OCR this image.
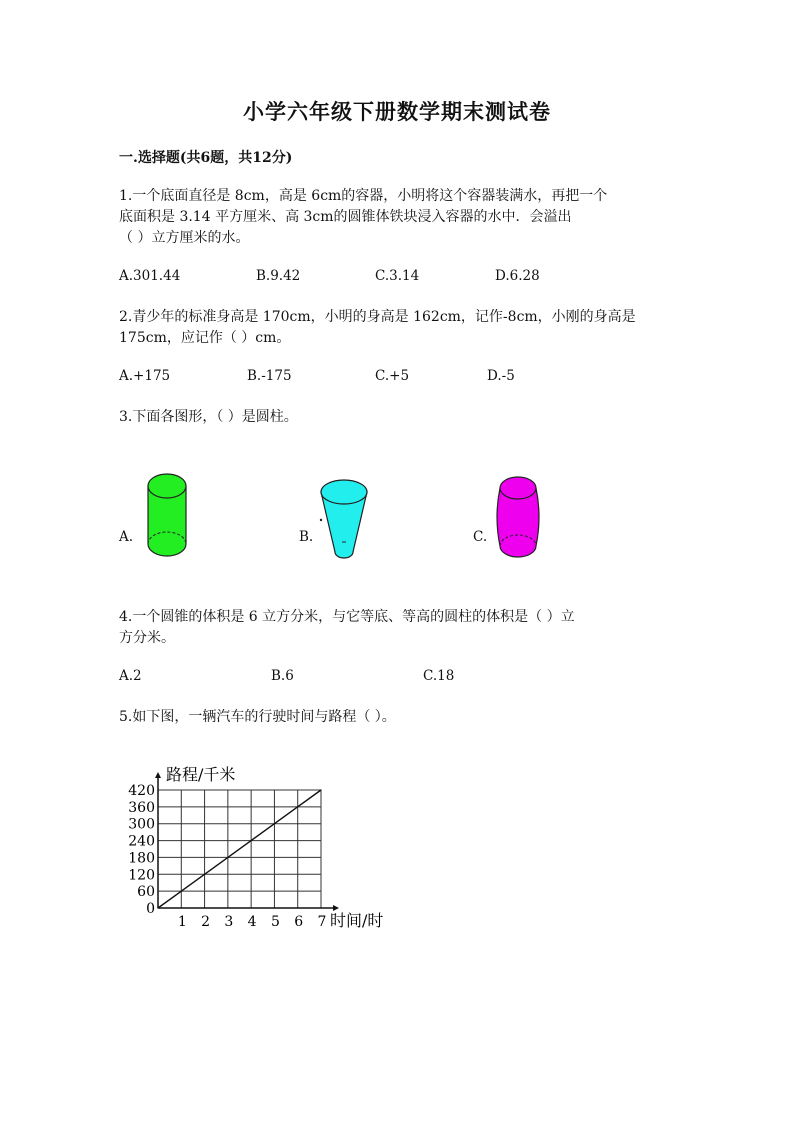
小学六年级下册数学期末测试卷
一.选择题(共6题，共12分)
1.一个底面直径是 8cm，高是 6cm的容器，小明将这个容器装满水，再把一个
底面积是 3.14 平方厘米、高 3cm的圆锥体铁块浸入容器的水中．会溢出
（ ）立方厘米的水。
A.301.44	B.9.42	C.3.14	D.6.28
2.青少年的标准身高是 170cm，小明的身高是 162cm，记作-8cm，小刚的身高是
175cm，应记作（ ）cm。
A.+175	B.-175	C.+5	D.-5
3.下面各图形，（ ）是圆柱。
A.	B.	C.
4.一个圆锥的体积是 6 立方分米，与它等底、等高的圆柱的体积是（ ）立
方分米。
A.2	B.6	C.18
5.如下图，一辆汽车的行驶时间与路程（ ）。
0
60
120
180
240
300
360
420
1 2 3 4 5 6 7
路程/千米
时间/时
